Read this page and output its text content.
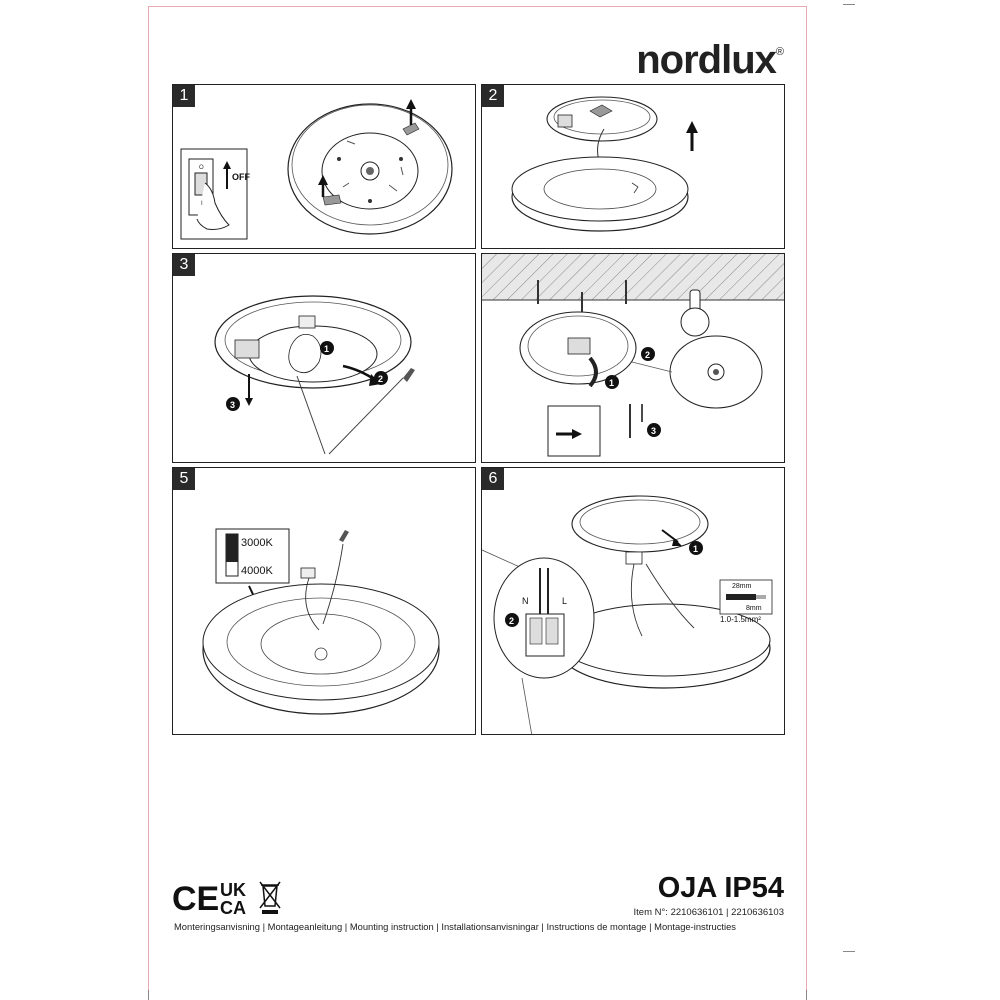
nordlux®
1
OFF
O
I
2
3
1
2
3
2
1
3
5
3000K
4000K
6
1
N	L
2
28mm
8mm
1.0-1.5mm²
CE UK
CA
OJA IP54
Item N°: 2210636101 | 2210636103
Monteringsanvisning | Montageanleitung | Mounting instruction | Installationsanvisningar | Instructions de montage | Montage-instructies
